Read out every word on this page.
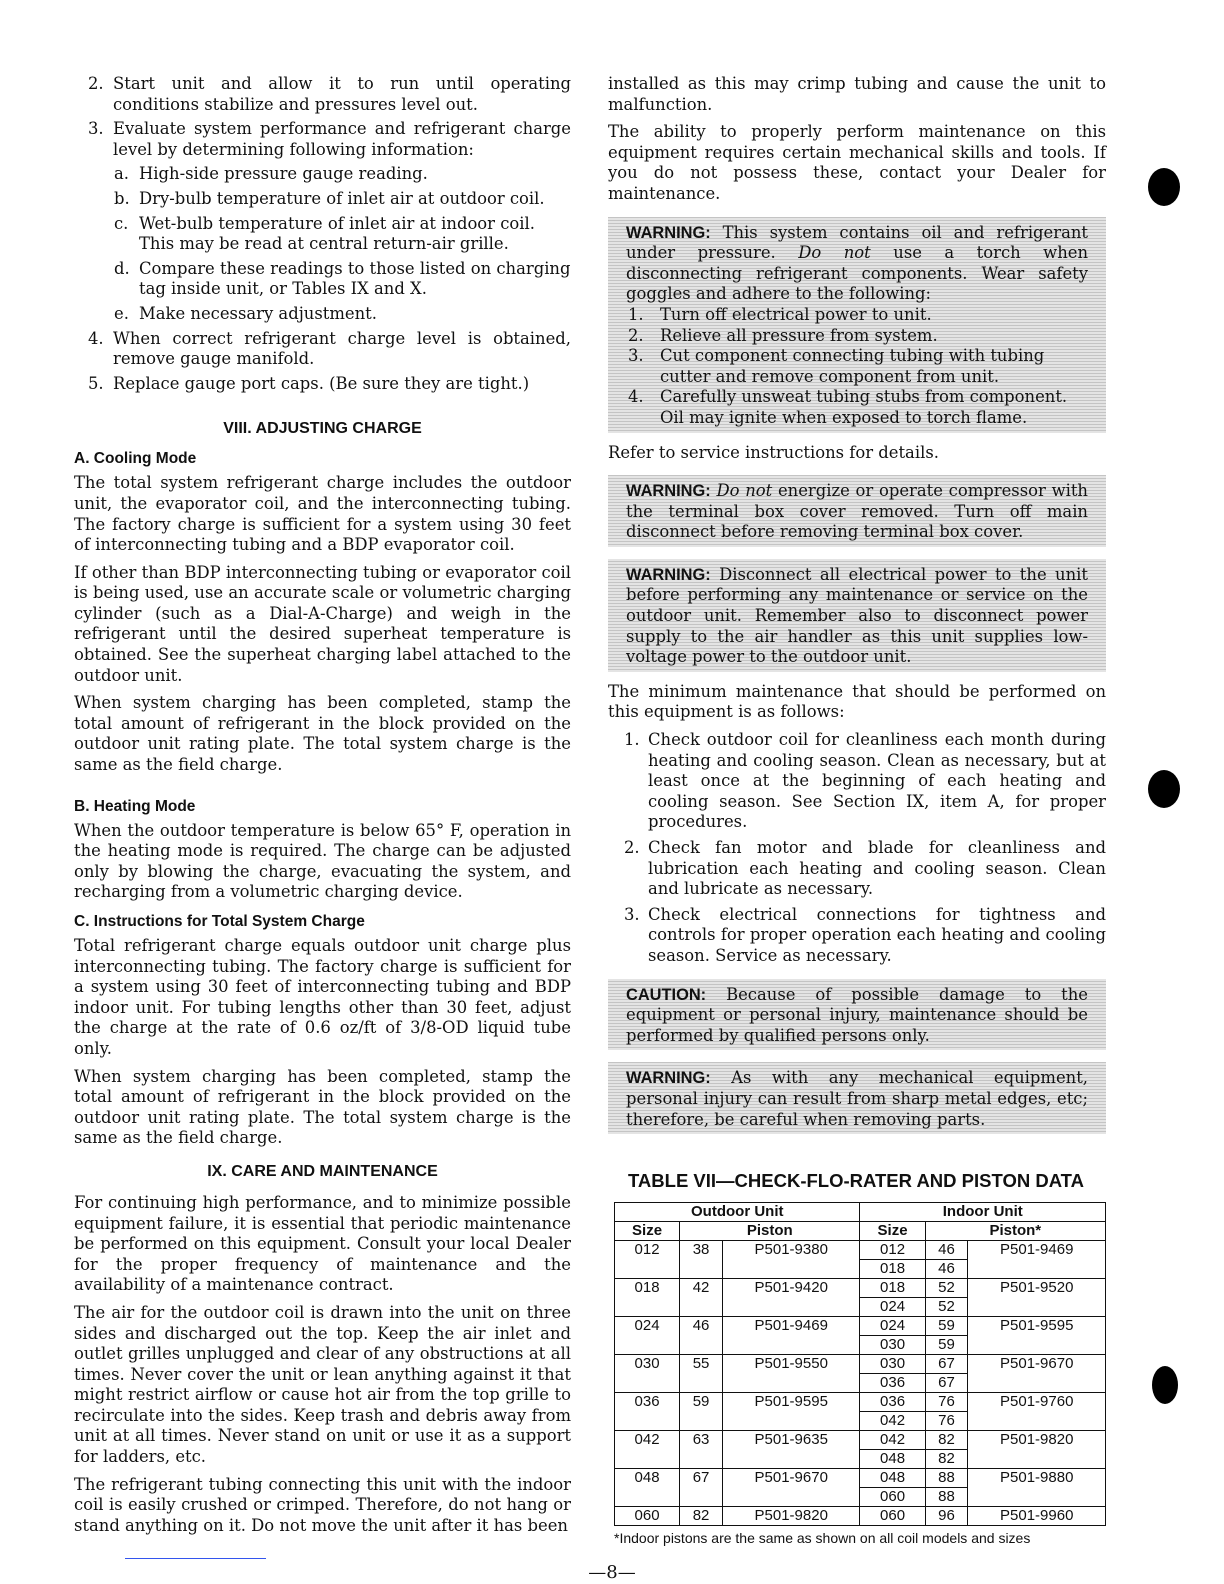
2. Start unit and allow it to run until operating conditions stabilize and pressures level out.
3. Evaluate system performance and refrigerant charge level by determining following information:
a. High-side pressure gauge reading.
b. Dry-bulb temperature of inlet air at outdoor coil.
c. Wet-bulb temperature of inlet air at indoor coil. This may be read at central return-air grille.
d. Compare these readings to those listed on charging tag inside unit, or Tables IX and X.
e. Make necessary adjustment.
4. When correct refrigerant charge level is obtained, remove gauge manifold.
5. Replace gauge port caps. (Be sure they are tight.)
VIII. ADJUSTING CHARGE
A. Cooling Mode

The total system refrigerant charge includes the outdoor unit, the evaporator coil, and the interconnecting tubing. The factory charge is sufficient for a system using 30 feet of interconnecting tubing and a BDP evaporator coil.

If other than BDP interconnecting tubing or evaporator coil is being used, use an accurate scale or volumetric charging cylinder (such as a Dial-A-Charge) and weigh in the refrigerant until the desired superheat temperature is obtained. See the superheat charging label attached to the outdoor unit.

When system charging has been completed, stamp the total amount of refrigerant in the block provided on the outdoor unit rating plate. The total system charge is the same as the field charge.

B. Heating Mode

When the outdoor temperature is below 65° F, operation in the heating mode is required. The charge can be adjusted only by blowing the charge, evacuating the system, and recharging from a volumetric charging device.

C. Instructions for Total System Charge

Total refrigerant charge equals outdoor unit charge plus interconnecting tubing. The factory charge is sufficient for a system using 30 feet of interconnecting tubing and BDP indoor unit. For tubing lengths other than 30 feet, adjust the charge at the rate of 0.6 oz/ft of 3/8-OD liquid tube only.

When system charging has been completed, stamp the total amount of refrigerant in the block provided on the outdoor unit rating plate. The total system charge is the same as the field charge.

IX. CARE AND MAINTENANCE

For continuing high performance, and to minimize possible equipment failure, it is essential that periodic maintenance be performed on this equipment. Consult your local Dealer for the proper frequency of maintenance and the availability of a maintenance contract.

The air for the outdoor coil is drawn into the unit on three sides and discharged out the top. Keep the air inlet and outlet grilles unplugged and clear of any obstructions at all times. Never cover the unit or lean anything against it that might restrict airflow or cause hot air from the top grille to recirculate into the sides. Keep trash and debris away from unit at all times. Never stand on unit or use it as a support for ladders, etc.

The refrigerant tubing connecting this unit with the indoor coil is easily crushed or crimped. Therefore, do not hang or stand anything on it. Do not move the unit after it has been

installed as this may crimp tubing and cause the unit to malfunction.

The ability to properly perform maintenance on this equipment requires certain mechanical skills and tools. If you do not possess these, contact your Dealer for maintenance.

WARNING: This system contains oil and refrigerant under pressure. Do not use a torch when disconnecting refrigerant components. Wear safety goggles and adhere to the following:

1. Turn off electrical power to unit.
2. Relieve all pressure from system.
3. Cut component connecting tubing with tubing cutter and remove component from unit.
4. Carefully unsweat tubing stubs from component. Oil may ignite when exposed to torch flame.

Refer to service instructions for details.

WARNING: Do not energize or operate compressor with the terminal box cover removed. Turn off main disconnect before removing terminal box cover.

WARNING: Disconnect all electrical power to the unit before performing any maintenance or service on the outdoor unit. Remember also to disconnect power supply to the air handler as this unit supplies low-voltage power to the outdoor unit.

The minimum maintenance that should be performed on this equipment is as follows:

1. Check outdoor coil for cleanliness each month during heating and cooling season. Clean as necessary, but at least once at the beginning of each heating and cooling season. See Section IX, item A, for proper procedures.
2. Check fan motor and blade for cleanliness and lubrication each heating and cooling season. Clean and lubricate as necessary.
3. Check electrical connections for tightness and controls for proper operation each heating and cooling season. Service as necessary.

CAUTION: Because of possible damage to the equipment or personal injury, maintenance should be performed by qualified persons only.

WARNING: As with any mechanical equipment, personal injury can result from sharp metal edges, etc; therefore, be careful when removing parts.

TABLE VII—CHECK-FLO-RATER AND PISTON DATA
Outdoor Unit			Indoor Unit		
Size	Piston		Size	Piston*	
012	38	P501-9380	012	46	P501-9469
			018	46	
018	42	P501-9420	018	52	P501-9520
			024	52	
024	46	P501-9469	024	59	P501-9595
			030	59	
030	55	P501-9550	030	67	P501-9670
			036	67	
036	59	P501-9595	036	76	P501-9760
			042	76	
042	63	P501-9635	042	82	P501-9820
			048	82	
048	67	P501-9670	048	88	P501-9880
			060	88	
060	82	P501-9820	060	96	P501-9960
*Indoor pistons are the same as shown on all coil models and sizes
—8—
